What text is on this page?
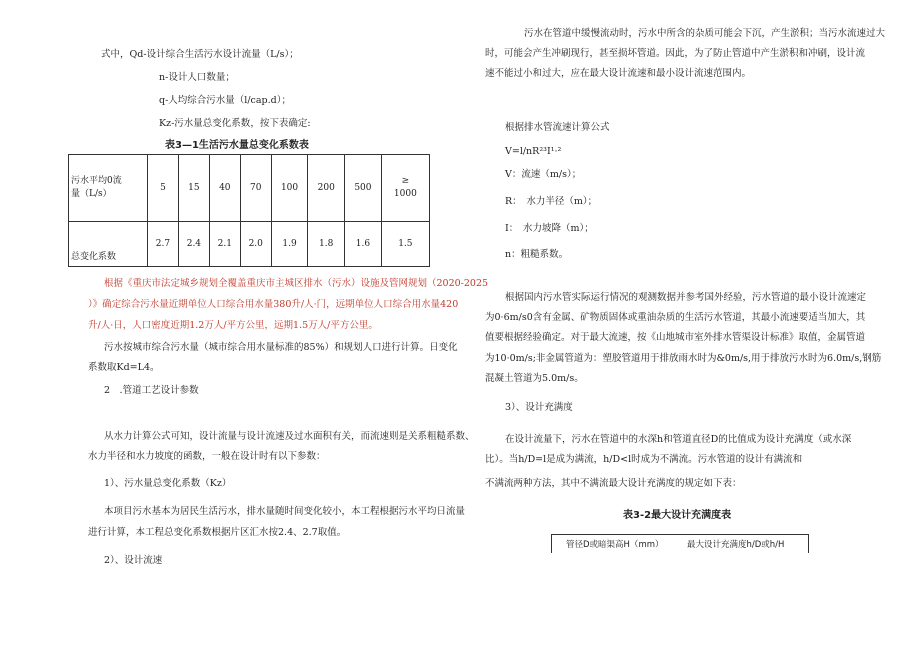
式中，Qd-设计综合生活污水设计流量（L/s）；
n-设计人口数量；
q-人均综合污水量（l/cap.d）；
Kz-污水量总变化系数，按下表确定:
表3—1生活污水量总变化系数表
污水平均0流
量（L/s）	5	15	40	70	100	200	500	≥
1000

总变化系数	2.7	2.4	2.1	2.0	1.9	1.8	1.6	1.5
根据《重庆市法定城乡规划全覆盖重庆市主城区排水（污水）设施及管网规划（2020-2025
）》确定综合污水量近期单位人口综合用水量380升/人·门，远期单位人口综合用水量420
升/人·日，人口密度近期1.2万人/平方公里，远期1.5万人/平方公里。
污水按城市综合污水量（城市综合用水量标准的85%）和规划人口进行计算。日变化
系数取Kd=L4。
2　.管道工艺设计参数
从水力计算公式可知，设计流量与设计流速及过水面积有关，而流速则是关系粗糙系数、
水力半径和水力坡度的函数，一般在设计时有以下参数：
1）、污水量总变化系数（Kz）
本项目污水基本为居民生活污水，排水量随时间变化较小，本工程根据污水平均日流量
进行计算，本工程总变化系数根据片区汇水按2.4、2.7取值。
2）、设计流速
污水在管道中缓慢流动时，污水中所含的杂质可能会下沉，产生淤积；当污水流速过大
时，可能会产生冲刷现行，甚至损坏管道。因此，为了防止管道中产生淤积和冲刷，设计流
速不能过小和过大，应在最大设计流速和最小设计流速范围内。
根据排水管流速计算公式
V=l/nR²³I¹·²
V：流速（m/s）；
R：　水力半径（m）；
I：　水力坡降（m）；
n：粗糙系数。
根据国内污水管实际运行情况的观测数据并参考国外经验，污水管道的最小设计流速定
为0·6m/s0含有金属、矿物质固体或重油杂质的生活污水管道，其最小流速要适当加大，其
值要根据经验确定。对于最大流速，按《山地城市室外排水管渠设计标准》取值，金属管道
为10·0m/s;非金属管道为：塑胶管道用于排放雨水时为&0m/s,用于排放污水时为6.0m/s,钢筋
混凝土管道为5.0m/s。
3）、设计充满度
在设计流量下，污水在管道中的水深h和管道直径D的比值成为设计充满度（或水深
比）。当h/D=l是成为满流，h/D<l时成为不满流。污水管道的设计有满流和
不满流两种方法，其中不满流最大设计充满度的规定如下表：
表3-2最大设计充满度表
管径D或暗渠高H（mm）	最大设计充满度h/D或h/H
